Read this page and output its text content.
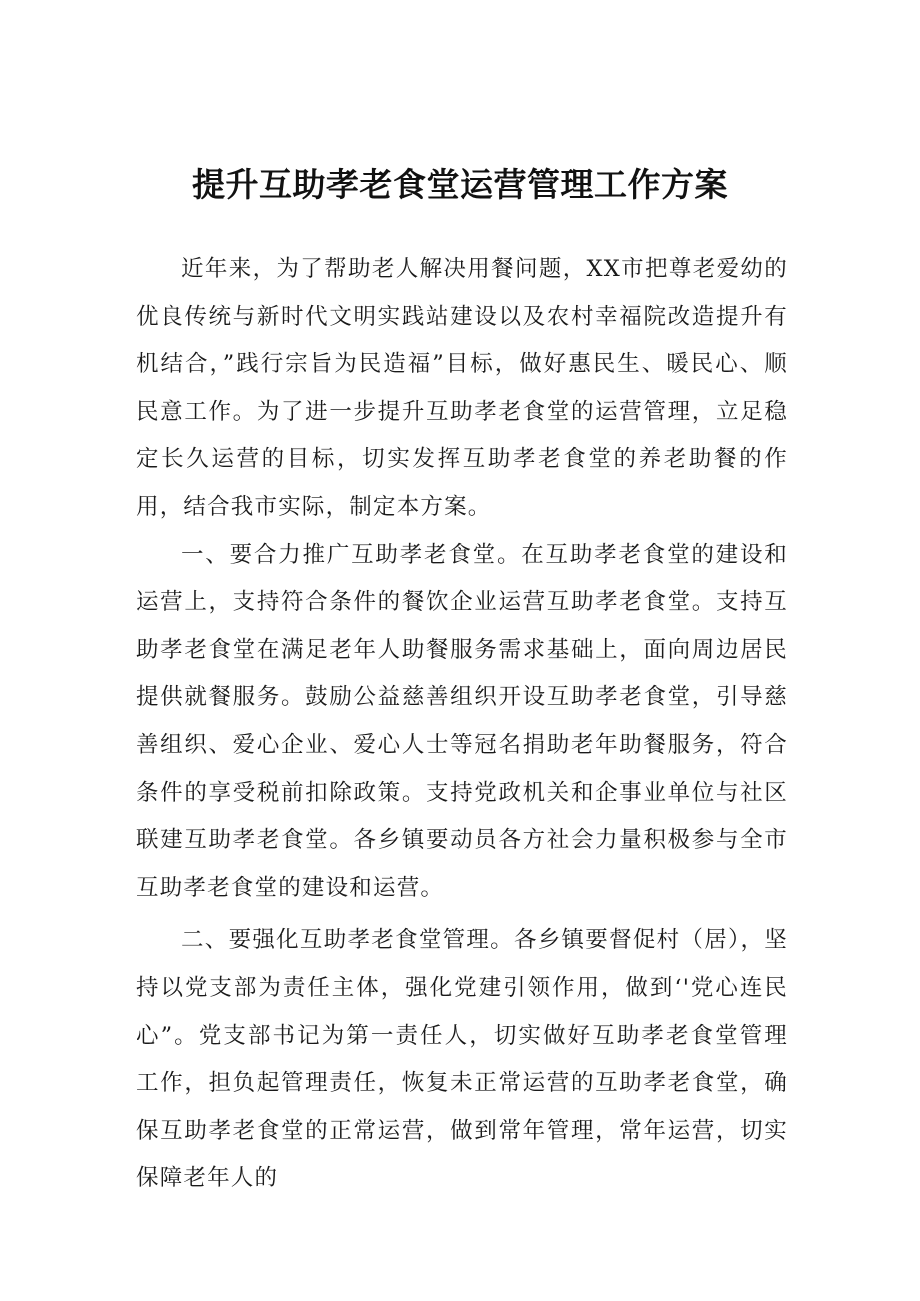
提升互助孝老食堂运营管理工作方案

近年来，为了帮助老人解决用餐问题，XX市把尊老爱幼的优良传统与新时代文明实践站建设以及农村幸福院改造提升有机结合，”践行宗旨为民造福”目标，做好惠民生、暖民心、顺民意工作。为了进一步提升互助孝老食堂的运营管理，立足稳定长久运营的目标，切实发挥互助孝老食堂的养老助餐的作用，结合我市实际，制定本方案。

一、要合力推广互助孝老食堂。在互助孝老食堂的建设和运营上，支持符合条件的餐饮企业运营互助孝老食堂。支持互助孝老食堂在满足老年人助餐服务需求基础上，面向周边居民提供就餐服务。鼓励公益慈善组织开设互助孝老食堂，引导慈善组织、爱心企业、爱心人士等冠名捐助老年助餐服务，符合条件的享受税前扣除政策。支持党政机关和企事业单位与社区联建互助孝老食堂。各乡镇要动员各方社会力量积极参与全市互助孝老食堂的建设和运营。

二、要强化互助孝老食堂管理。各乡镇要督促村（居），坚持以党支部为责任主体，强化党建引领作用，做到‘'党心连民心”。党支部书记为第一责任人，切实做好互助孝老食堂管理工作，担负起管理责任，恢复未正常运营的互助孝老食堂，确保互助孝老食堂的正常运营，做到常年管理，常年运营，切实保障老年人的
